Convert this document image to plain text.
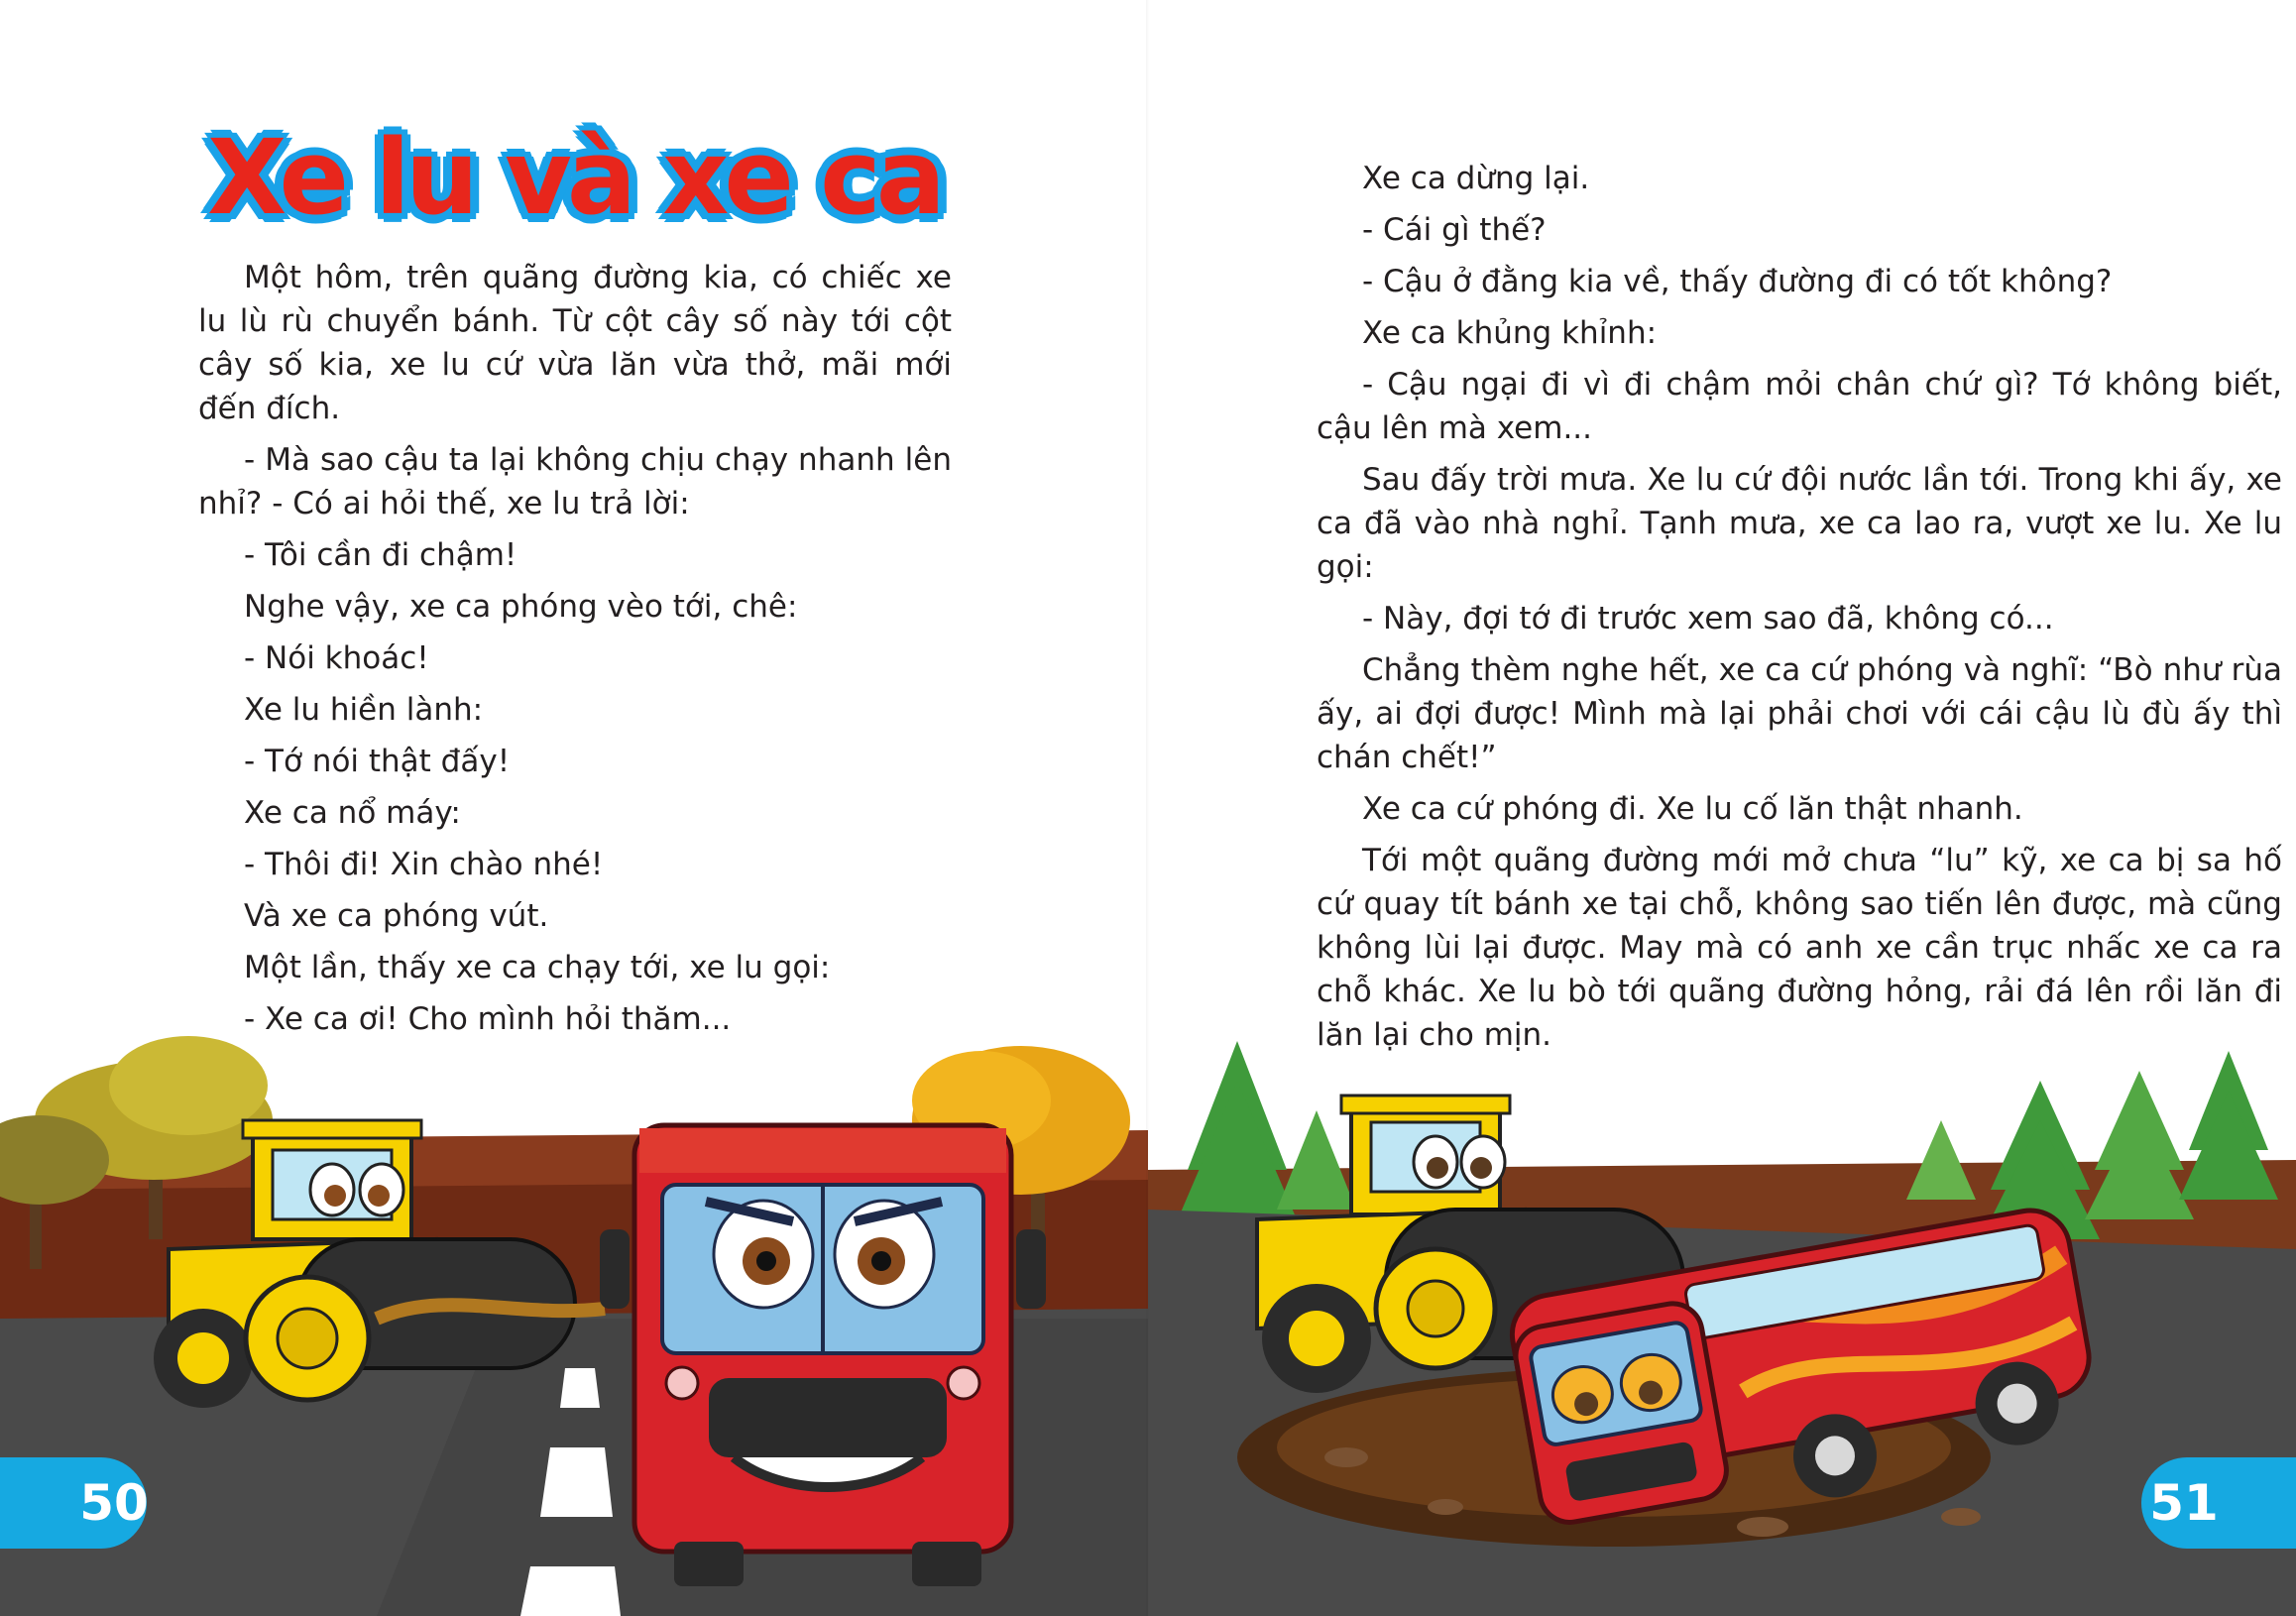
Xe lu và xe ca

Một hôm, trên quãng đường kia, có chiếc xe lu lù rù chuyển bánh. Từ cột cây số này tới cột cây số kia, xe lu cứ vừa lăn vừa thở, mãi mới đến đích.

- Mà sao cậu ta lại không chịu chạy nhanh lên nhỉ? - Có ai hỏi thế, xe lu trả lời:

- Tôi cần đi chậm!

Nghe vậy, xe ca phóng vèo tới, chê:

- Nói khoác!

Xe lu hiền lành:

- Tớ nói thật đấy!

Xe ca nổ máy:

- Thôi đi! Xin chào nhé!

Và xe ca phóng vút.

Một lần, thấy xe ca chạy tới, xe lu gọi:

- Xe ca ơi! Cho mình hỏi thăm...

50

Xe ca dừng lại.

- Cái gì thế?

- Cậu ở đằng kia về, thấy đường đi có tốt không?

Xe ca khủng khỉnh:

- Cậu ngại đi vì đi chậm mỏi chân chứ gì? Tớ không biết, cậu lên mà xem...

Sau đấy trời mưa. Xe lu cứ đội nước lần tới. Trong khi ấy, xe ca đã vào nhà nghỉ. Tạnh mưa, xe ca lao ra, vượt xe lu. Xe lu gọi:

- Này, đợi tớ đi trước xem sao đã, không có...

Chẳng thèm nghe hết, xe ca cứ phóng và nghĩ: “Bò như rùa ấy, ai đợi được! Mình mà lại phải chơi với cái cậu lù đù ấy thì chán chết!”

Xe ca cứ phóng đi. Xe lu cố lăn thật nhanh.

Tới một quãng đường mới mở chưa “lu” kỹ, xe ca bị sa hố cứ quay tít bánh xe tại chỗ, không sao tiến lên được, mà cũng không lùi lại được. May mà có anh xe cần trục nhấc xe ca ra chỗ khác. Xe lu bò tới quãng đường hỏng, rải đá lên rồi lăn đi lăn lại cho mịn.

51
